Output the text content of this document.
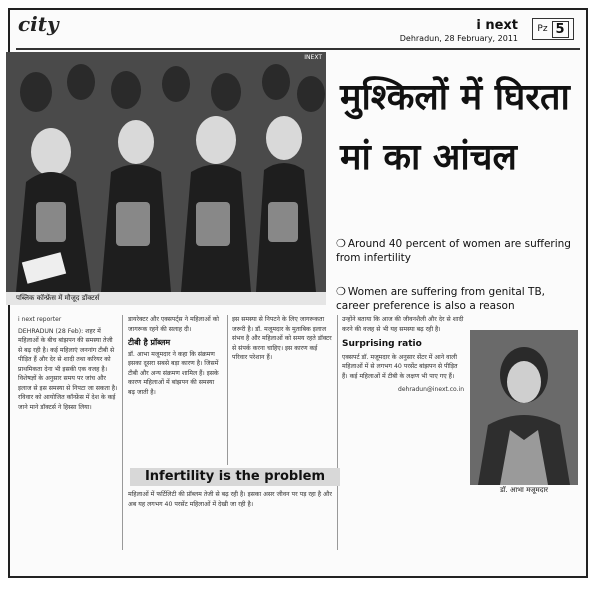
city	i next
Dehradun, 28 February, 2011
Pz 5
INEXT
पब्लिक कॉन्फ्रेंस में मौजूद डॉक्टर्स
मुश्किलों में घिरता
मां का आंचल
❍ Around 40 percent of women are suffering from infertility
❍ Women are suffering from genital TB, career preference is also a reason
i next reporter

DEHRADUN (28 Feb): शहर में महिलाओं के बीच बांझपन की समस्या तेजी से बढ़ रही है। कई महिलाएं जननांग टीबी से पीड़ित हैं और देर से शादी तथा करियर को प्राथमिकता देना भी इसकी एक वजह है। विशेषज्ञों के अनुसार समय पर जांच और इलाज से इस समस्या से निपटा जा सकता है। रविवार को आयोजित कॉन्फ्रेंस में देश के कई जाने माने डॉक्टर्स ने हिस्सा लिया।

डायरेक्टर और एक्सपर्ट्स ने महिलाओं को जागरूक रहने की सलाह दी।

टीबी है प्रॉब्लम

डॉ. आभा मजूमदार ने कहा कि संक्रमण इसका दूसरा सबसे बड़ा कारण है। जिसमें टीबी और अन्य संक्रमण शामिल हैं। इसके कारण महिलाओं में बांझपन की समस्या बढ़ जाती है।

इस समस्या से निपटने के लिए जागरूकता जरूरी है। डॉ. मजूमदार के मुताबिक इलाज संभव है और महिलाओं को समय रहते डॉक्टर से संपर्क करना चाहिए। इस कारण कई परिवार परेशान हैं।

उन्होंने बताया कि आज की जीवनशैली और देर से शादी करने की वजह से भी यह समस्या बढ़ रही है।

Surprising ratio

एक्सपर्ट डॉ. मजूमदार के अनुसार सेंटर में आने वाली महिलाओं में से लगभग 40 परसेंट बांझपन से पीड़ित हैं। कई महिलाओं में टीबी के लक्षण भी पाए गए हैं।

dehradun@inext.co.in
Infertility is the problem

महिलाओं में फर्टिलिटी की प्रॉब्लम तेजी से बढ़ रही है। इसका असर जीवन पर पड़ रहा है और अब यह लगभग 40 परसेंट महिलाओं में देखी जा रही है।

डॉ. आभा मजूमदार
